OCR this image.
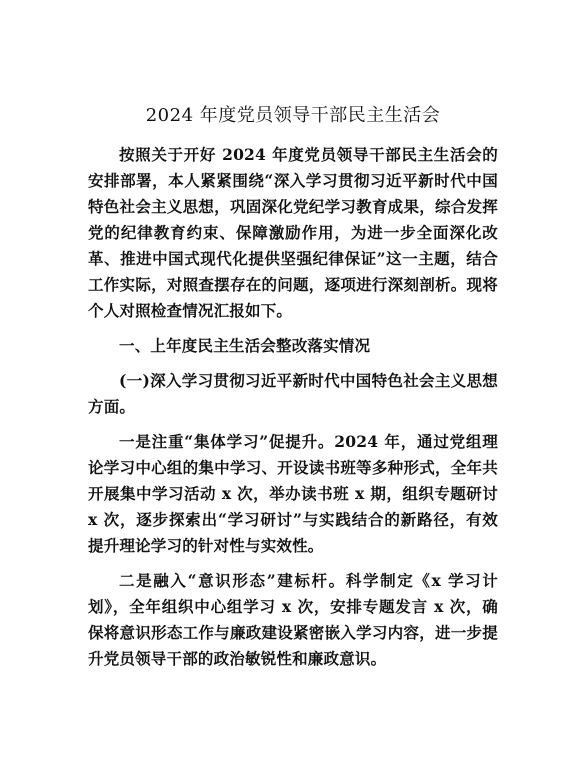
2024 年度党员领导干部民主生活会

按照关于开好 2024 年度党员领导干部民主生活会的安排部署，本人紧紧围绕“深入学习贯彻习近平新时代中国特色社会主义思想，巩固深化党纪学习教育成果，综合发挥党的纪律教育约束、保障激励作用，为进一步全面深化改革、推进中国式现代化提供坚强纪律保证”这一主题，结合工作实际，对照查摆存在的问题，逐项进行深刻剖析。现将个人对照检查情况汇报如下。

一、上年度民主生活会整改落实情况

(一)深入学习贯彻习近平新时代中国特色社会主义思想方面。

一是注重“集体学习”促提升。2024 年，通过党组理论学习中心组的集中学习、开设读书班等多种形式，全年共开展集中学习活动 x 次，举办读书班 x 期，组织专题研讨 x 次，逐步探索出“学习研讨”与实践结合的新路径，有效提升理论学习的针对性与实效性。

二是融入“意识形态”建标杆。科学制定《x 学习计划》，全年组织中心组学习 x 次，安排专题发言 x 次，确保将意识形态工作与廉政建设紧密嵌入学习内容，进一步提升党员领导干部的政治敏锐性和廉政意识。
